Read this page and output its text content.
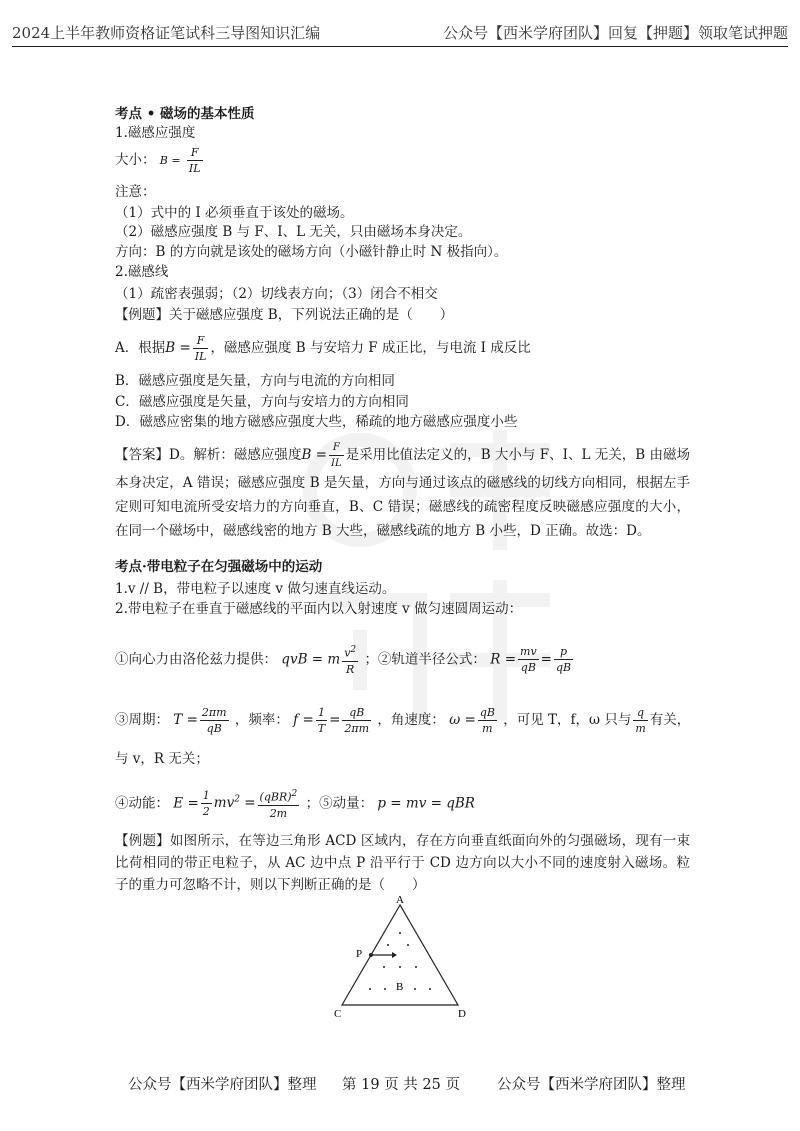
2024上半年教师资格证笔试科三导图知识汇编	公众号【西米学府团队】回复【押题】领取笔试押题
考点 • 磁场的基本性质
1.磁感应强度
大小： $B = \frac{F}{IL}$
注意：
（1）式中的 I 必须垂直于该处的磁场。
（2）磁感应强度 B 与 F、I、L 无关，只由磁场本身决定。
方向：B 的方向就是该处的磁场方向（小磁针静止时 N 极指向）。
2.磁感线
（1）疏密表强弱；（2）切线表方向；（3）闭合不相交
【例题】关于磁感应强度 B，下列说法正确的是（　　）
A．根据$B = \frac{F}{IL}$ ，磁感应强度 B 与安培力 F 成正比，与电流 I 成反比
B．磁感应强度是矢量，方向与电流的方向相同
C．磁感应强度是矢量，方向与安培力的方向相同
D．磁感应密集的地方磁感应强度大些，稀疏的地方磁感应强度小些
【答案】D。解析：磁感应强度$B = \frac{F}{IL}$ 是采用比值法定义的，B 大小与 F、I、L 无关，B 由磁场本身决定，A 错误；磁感应强度 B 是矢量，方向与通过该点的磁感线的切线方向相同，根据左手定则可知电流所受安培力的方向垂直，B、C 错误；磁感线的疏密程度反映磁感应强度的大小，在同一个磁场中，磁感线密的地方 B 大些，磁感线疏的地方 B 小些，D 正确。故选：D。
考点·带电粒子在匀强磁场中的运动
1.v // B，带电粒子以速度 v 做匀速直线运动。
2.带电粒子在垂直于磁感线的平面内以入射速度 v 做匀速圆周运动：
①向心力由洛伦兹力提供： qvB = m $\frac{v^2}{R}$ ；②轨道半径公式： $R = \frac{mv}{qB} = \frac{p}{qB}$
③周期： $T = \frac{2\pi m}{qB}$ ，频率： $f = \frac{1}{T} = \frac{qB}{2\pi m}$ ，角速度： $\omega = \frac{qB}{m}$ ，可见 T，f，ω 只与 $\frac{q}{m}$ 有关，
与 v，R 无关；
④动能： $E = \frac{1}{2} mv^2 = \frac{(qBR)^2}{2m}$ ；⑤动量： p = mv = qBR
【例题】如图所示，在等边三角形 ACD 区域内，存在方向垂直纸面向外的匀强磁场，现有一束比荷相同的带正电粒子，从 AC 边中点 P 沿平行于 CD 边方向以大小不同的速度射入磁场。粒子的重力可忽略不计，则以下判断正确的是（　　）
A
C	D
P
B
公众号【西米学府团队】整理 第 19 页 共 25 页	公众号【西米学府团队】整理
